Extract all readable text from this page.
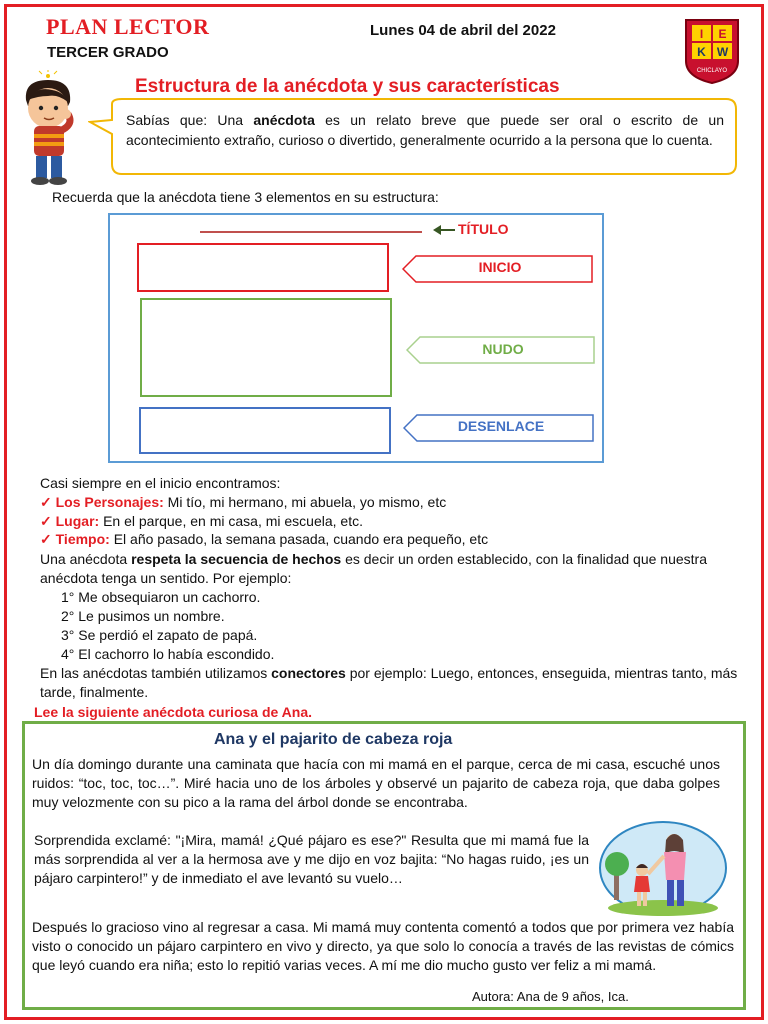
PLAN LECTOR
TERCER GRADO
Lunes 04 de abril del 2022	I E
K W
CHICLAYO
Estructura de la anécdota y sus características
Sabías que: Una anécdota es un relato breve que puede ser oral o escrito de un acontecimiento extraño, curioso o divertido, generalmente ocurrido a la persona que lo cuenta.
Recuerda que la anécdota tiene 3 elementos en su estructura:
TÍTULO
INICIO
NUDO
DESENLACE
Casi siempre en el inicio encontramos:
✓ Los Personajes: Mi tío, mi hermano, mi abuela, yo mismo, etc
✓ Lugar: En el parque, en mi casa, mi escuela, etc.
✓ Tiempo: El año pasado, la semana pasada, cuando era pequeño, etc
Una anécdota respeta la secuencia de hechos es decir un orden establecido, con la finalidad que nuestra anécdota tenga un sentido. Por ejemplo:
1° Me obsequiaron un cachorro.
2° Le pusimos un nombre.
3° Se perdió el zapato de papá.
4° El cachorro lo había escondido.
En las anécdotas también utilizamos conectores por ejemplo: Luego, entonces, enseguida, mientras tanto, más tarde, finalmente.
Lee la siguiente anécdota curiosa de Ana.
Ana y el pajarito de cabeza roja
Un día domingo durante una caminata que hacía con mi mamá en el parque, cerca de mi casa, escuché unos ruidos: “toc, toc, toc…”. Miré hacia uno de los árboles y observé un pajarito de cabeza roja, que daba golpes muy velozmente con su pico a la rama del árbol donde se encontraba.
Sorprendida exclamé: "¡Mira, mamá! ¿Qué pájaro es ese?" Resulta que mi mamá fue la más sorprendida al ver a la hermosa ave y me dijo en voz bajita: “No hagas ruido, ¡es un pájaro carpintero!” y de inmediato el ave levantó su vuelo…
Después lo gracioso vino al regresar a casa. Mi mamá muy contenta comentó a todos que por primera vez había visto o conocido un pájaro carpintero en vivo y directo, ya que solo lo conocía a través de las revistas de cómics que leyó cuando era niña; esto lo repitió varias veces. A mí me dio mucho gusto ver feliz a mi mamá.
Autora: Ana de 9 años, Ica.
